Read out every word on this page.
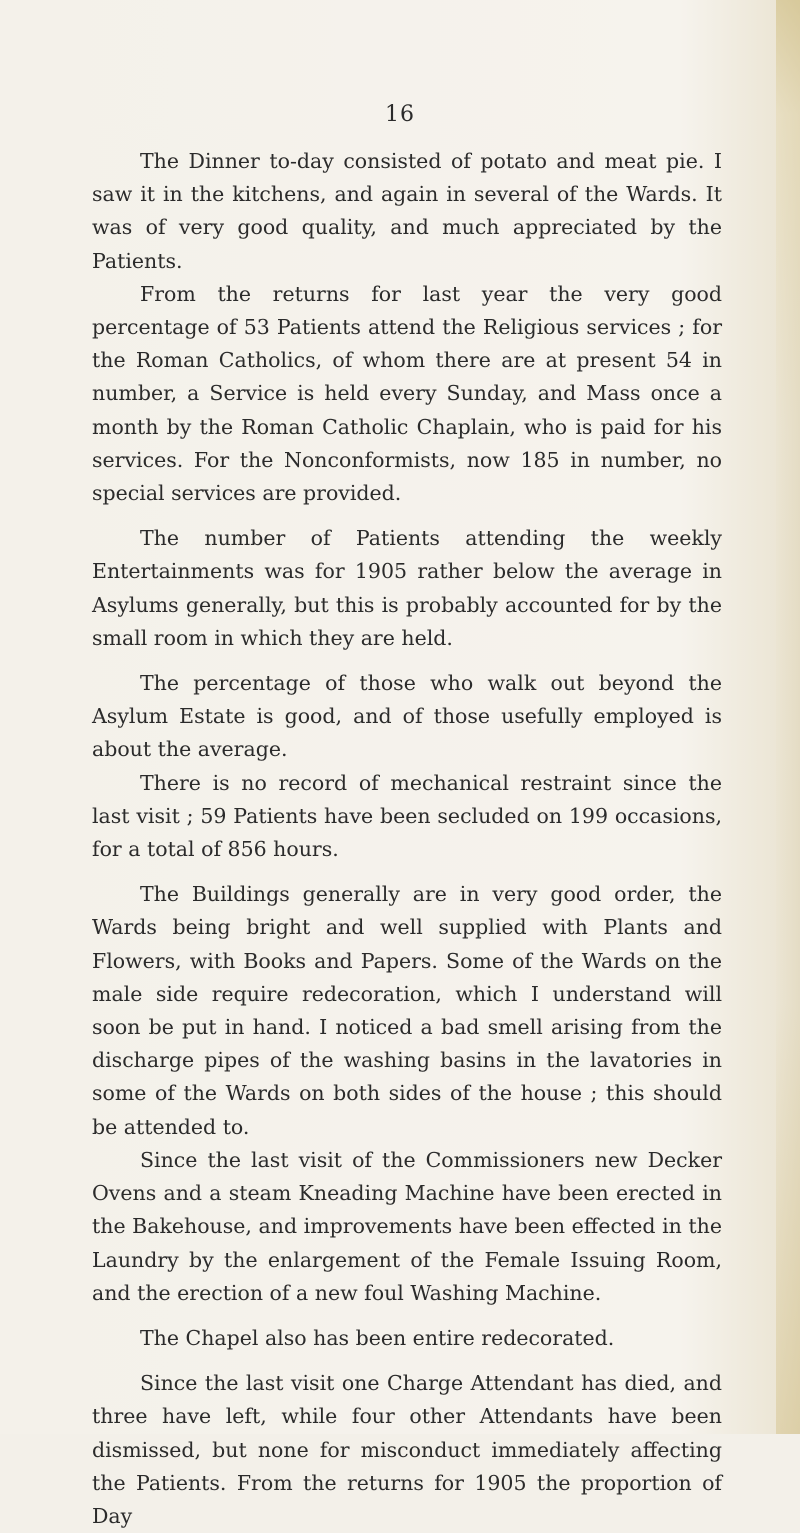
16

The Dinner to-day consisted of potato and meat pie. I saw it in the kitchens, and again in several of the Wards. It was of very good quality, and much appreciated by the Patients.

From the returns for last year the very good percentage of 53 Patients attend the Religious services ; for the Roman Catholics, of whom there are at present 54 in number, a Service is held every Sunday, and Mass once a month by the Roman Catholic Chaplain, who is paid for his services. For the Nonconformists, now 185 in number, no special services are provided.

The number of Patients attending the weekly Entertainments was for 1905 rather below the average in Asylums generally, but this is probably accounted for by the small room in which they are held.

The percentage of those who walk out beyond the Asylum Estate is good, and of those usefully employed is about the average.

There is no record of mechanical restraint since the last visit ; 59 Patients have been secluded on 199 occasions, for a total of 856 hours.

The Buildings generally are in very good order, the Wards being bright and well supplied with Plants and Flowers, with Books and Papers. Some of the Wards on the male side require redecoration, which I understand will soon be put in hand. I noticed a bad smell arising from the discharge pipes of the washing basins in the lavatories in some of the Wards on both sides of the house ; this should be attended to.

Since the last visit of the Commissioners new Decker Ovens and a steam Kneading Machine have been erected in the Bakehouse, and improvements have been effected in the Laundry by the enlargement of the Female Issuing Room, and the erection of a new foul Washing Machine.

The Chapel also has been entire redecorated.

Since the last visit one Charge Attendant has died, and three have left, while four other Attendants have been dismissed, but none for misconduct immediately affecting the Patients. From the returns for 1905 the proportion of Day
